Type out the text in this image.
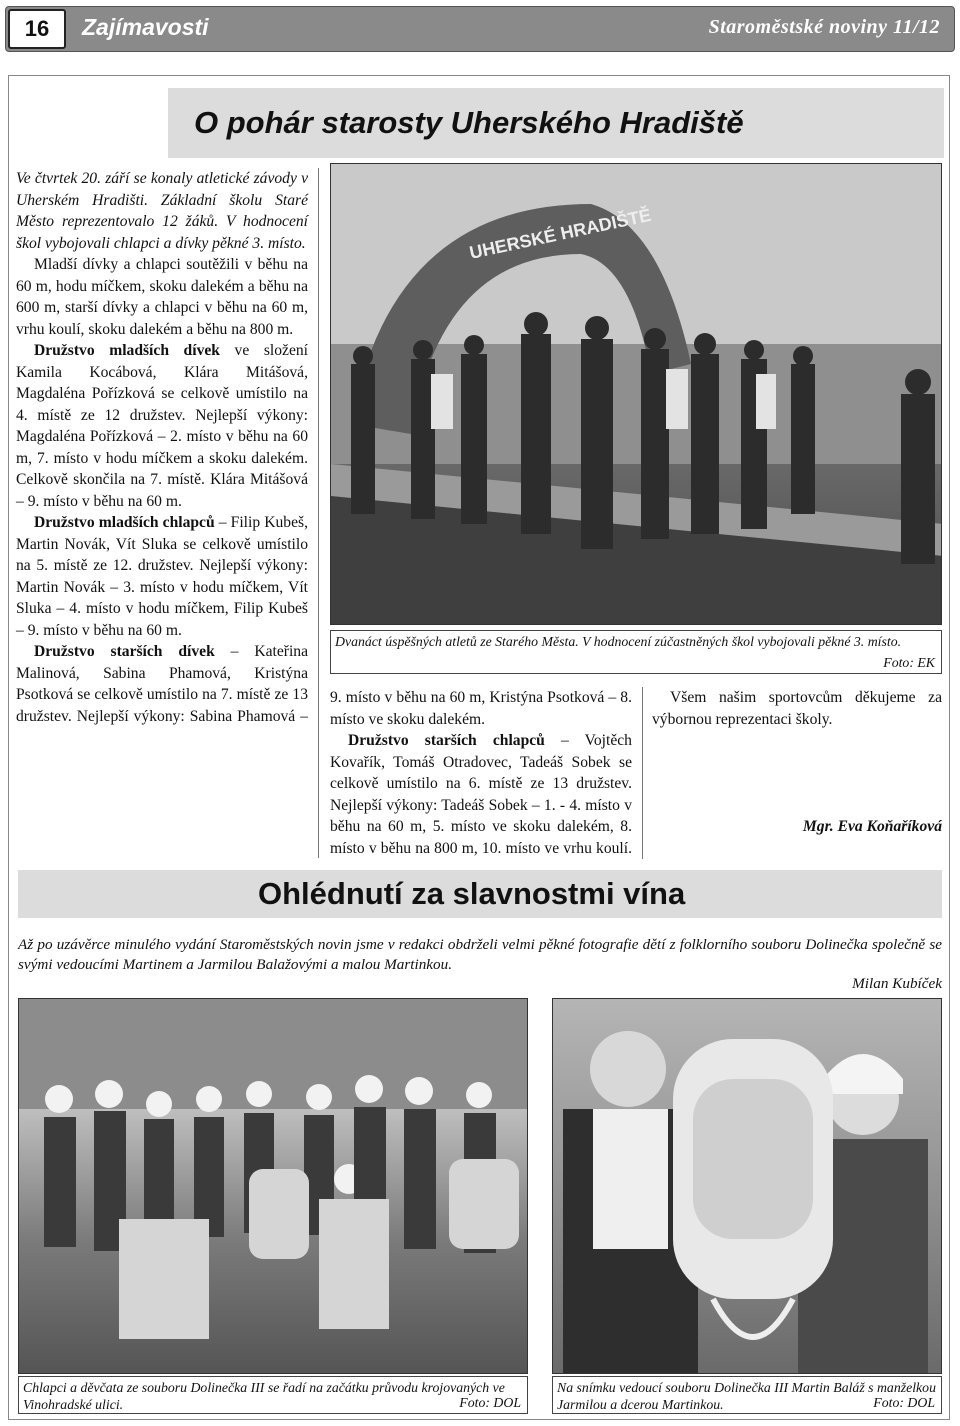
16	Zajímavosti	Staroměstské noviny 11/12
O pohár starosty Uherského Hradiště

Ve čtvrtek 20. září se konaly atletické závody v Uherském Hradišti. Základní školu Staré Město reprezentovalo 12 žáků. V hodnocení škol vybojovali chlapci a dívky pěkné 3. místo.

Mladší dívky a chlapci soutěžili v běhu na 60 m, hodu míčkem, skoku dalekém a běhu na 600 m, starší dívky a chlapci v běhu na 60 m, vrhu koulí, skoku dalekém a běhu na 800 m.

Družstvo mladších dívek ve složení Kamila Kocábová, Klára Mitášová, Magdaléna Pořízková se celkově umístilo na 4. místě ze 12 družstev. Nejlepší výkony: Magdaléna Pořízková – 2. místo v běhu na 60 m, 7. místo v hodu míčkem a skoku dalekém. Celkově skončila na 7. místě. Klára Mitášová – 9. místo v běhu na 60 m.

Družstvo mladších chlapců – Filip Kubeš, Martin Novák, Vít Sluka se celkově umístilo na 5. místě ze 12. družstev. Nejlepší výkony: Martin Novák – 3. místo v hodu míčkem, Vít Sluka – 4. místo v hodu míčkem, Filip Kubeš – 9. místo v běhu na 60 m.

Družstvo starších dívek – Kateřina Malinová, Sabina Phamová, Kristýna Psotková se celkově umístilo na 7. místě ze 13 družstev. Nejlepší výkony: Sabina Phamová –

UHERSKÉ HRADIŠTĚ
Dvanáct úspěšných atletů ze Starého Města. V hodnocení zúčastněných škol vybojovali pěkné 3. místo.
Foto: EK

9. místo v běhu na 60 m, Kristýna Psotková – 8. místo ve skoku dalekém.

Družstvo starších chlapců – Vojtěch Kovařík, Tomáš Otradovec, Tadeáš Sobek se celkově umístilo na 6. místě ze 13 družstev. Nejlepší výkony: Tadeáš Sobek – 1. - 4. místo v běhu na 60 m, 5. místo ve skoku dalekém, 8. místo v běhu na 800 m, 10. místo ve vrhu koulí.

Všem našim sportovcům děkujeme za výbornou reprezentaci školy.

Mgr. Eva Koňaříková
Ohlédnutí za slavnostmi vína
Až po uzávěrce minulého vydání Staroměstských novin jsme v redakci obdrželi velmi pěkné fotografie dětí z folklorního souboru Dolinečka společně se svými vedoucími Martinem a Jarmilou Balažovými a malou Martinkou.
Milan Kubíček
Chlapci a děvčata ze souboru Dolinečka III se řadí na začátku průvodu krojovaných ve Vinohradské ulici.	Foto: DOL
Na snímku vedoucí souboru Dolinečka III Martin Baláž s manželkou Jarmilou a dcerou Martinkou.	Foto: DOL
